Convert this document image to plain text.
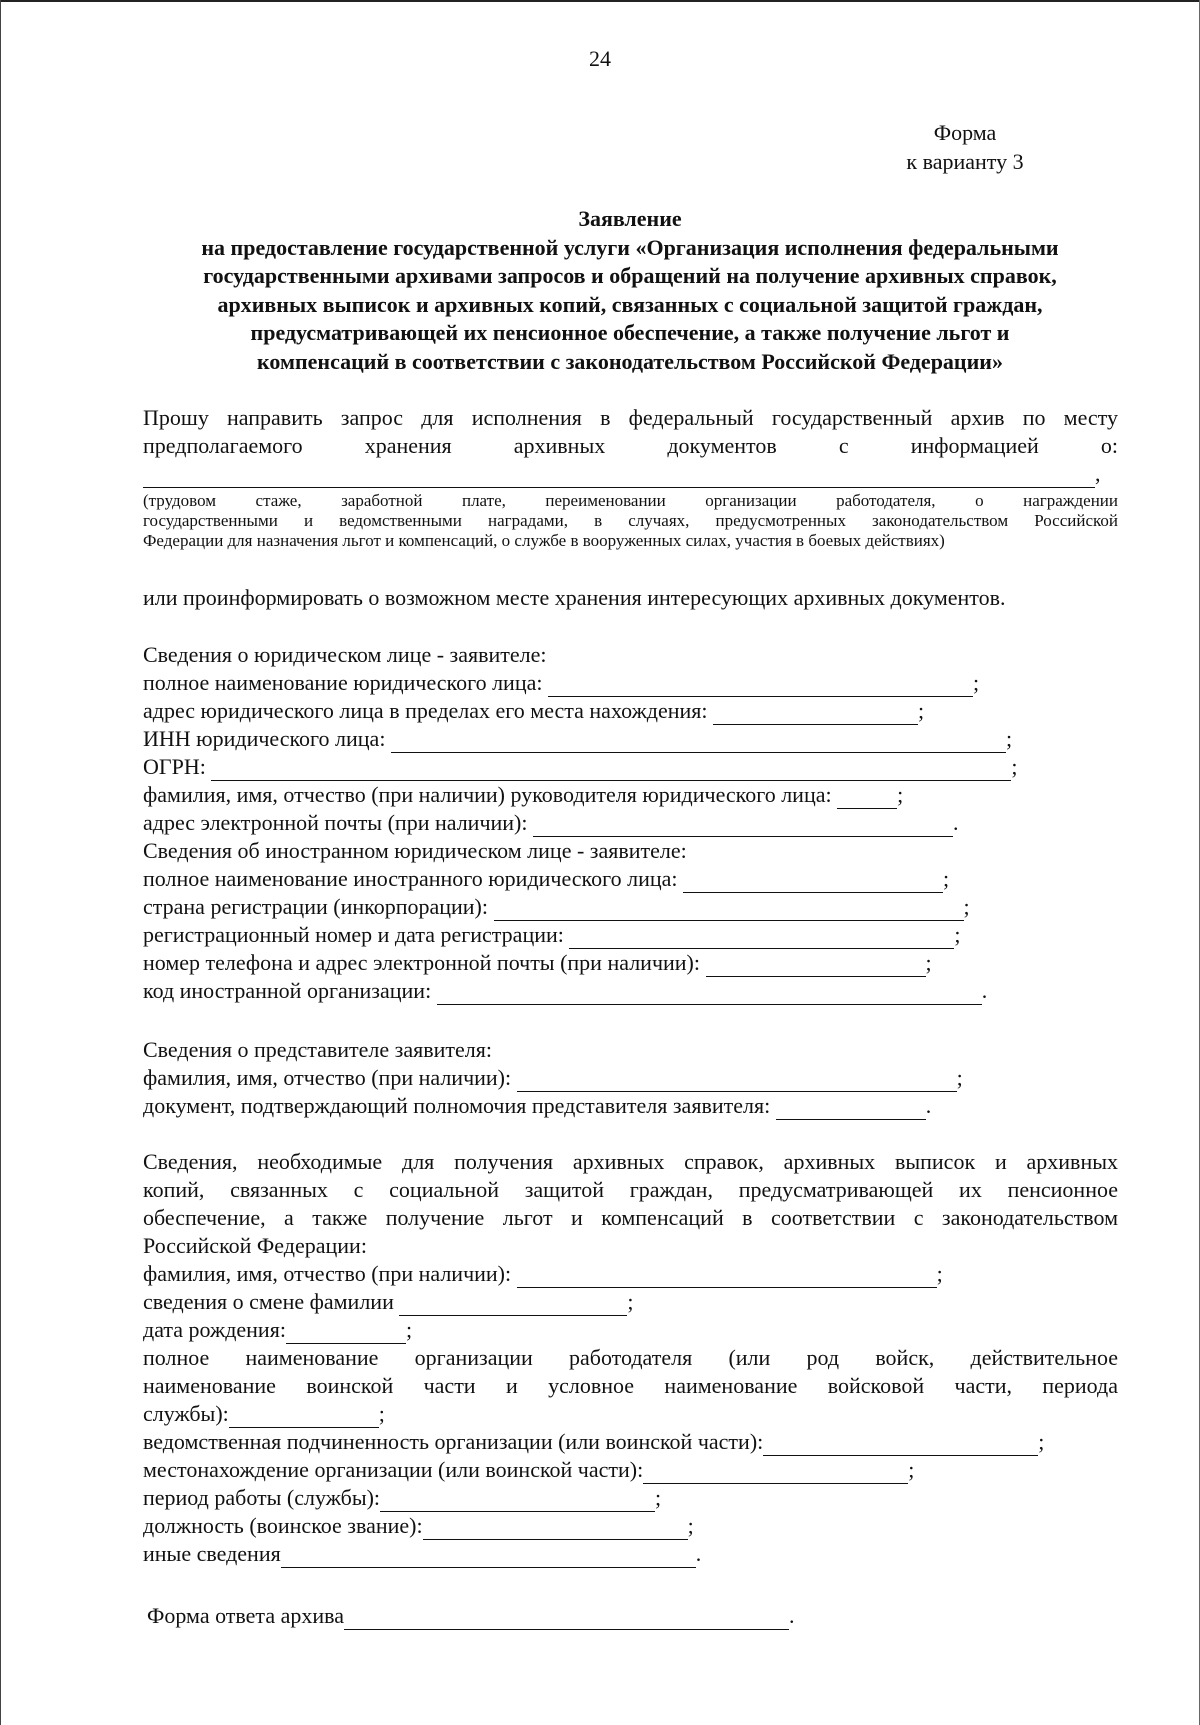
24
Форма
к варианту 3
Заявление
на предоставление государственной услуги «Организация исполнения федеральными
государственными архивами запросов и обращений на получение архивных справок,
архивных выписок и архивных копий, связанных с социальной защитой граждан,
предусматривающей их пенсионное обеспечение, а также получение льгот и
компенсаций в соответствии с законодательством Российской Федерации»
Прошу направить запрос для исполнения в федеральный государственный архив по месту
предполагаемого хранения архивных документов с информацией о:
,
(трудовом стаже, заработной плате, переименовании организации работодателя, о награждении
государственными и ведомственными наградами, в случаях, предусмотренных законодательством Российской
Федерации для назначения льгот и компенсаций, о службе в вооруженных силах, участия в боевых действиях)
или проинформировать о возможном месте хранения интересующих архивных документов.
Сведения о юридическом лице - заявителе:
полное наименование юридического лица:
	;
адрес юридического лица в пределах его места нахождения:
	;
ИНН юридического лица:
	;
ОГРН:
	;
фамилия, имя, отчество (при наличии) руководителя юридического лица:
	;
адрес электронной почты (при наличии):
	.
Сведения об иностранном юридическом лице - заявителе:
полное наименование иностранного юридического лица:
	;
страна регистрации (инкорпорации):
	;
регистрационный номер и дата регистрации:
	;
номер телефона и адрес электронной почты (при наличии):
	;
код иностранной организации:
	.
Сведения о представителе заявителя:
фамилия, имя, отчество (при наличии):
	;
документ, подтверждающий полномочия представителя заявителя:
	.
Сведения, необходимые для получения архивных справок, архивных выписок и архивных
копий, связанных с социальной защитой граждан, предусматривающей их пенсионное
обеспечение, а также получение льгот и компенсаций в соответствии с законодательством
Российской Федерации:
фамилия, имя, отчество (при наличии):
	;
сведения о смене фамилии
	;
дата рождения:	;
полное наименование организации работодателя (или род войск, действительное
наименование воинской части и условное наименование войсковой части, периода
службы):	;
ведомственная подчиненность организации (или воинской части):	;
местонахождение организации (или воинской части):	;
период работы (службы):	;
должность (воинское звание):	;
иные сведения	.
Форма ответа архива	.
